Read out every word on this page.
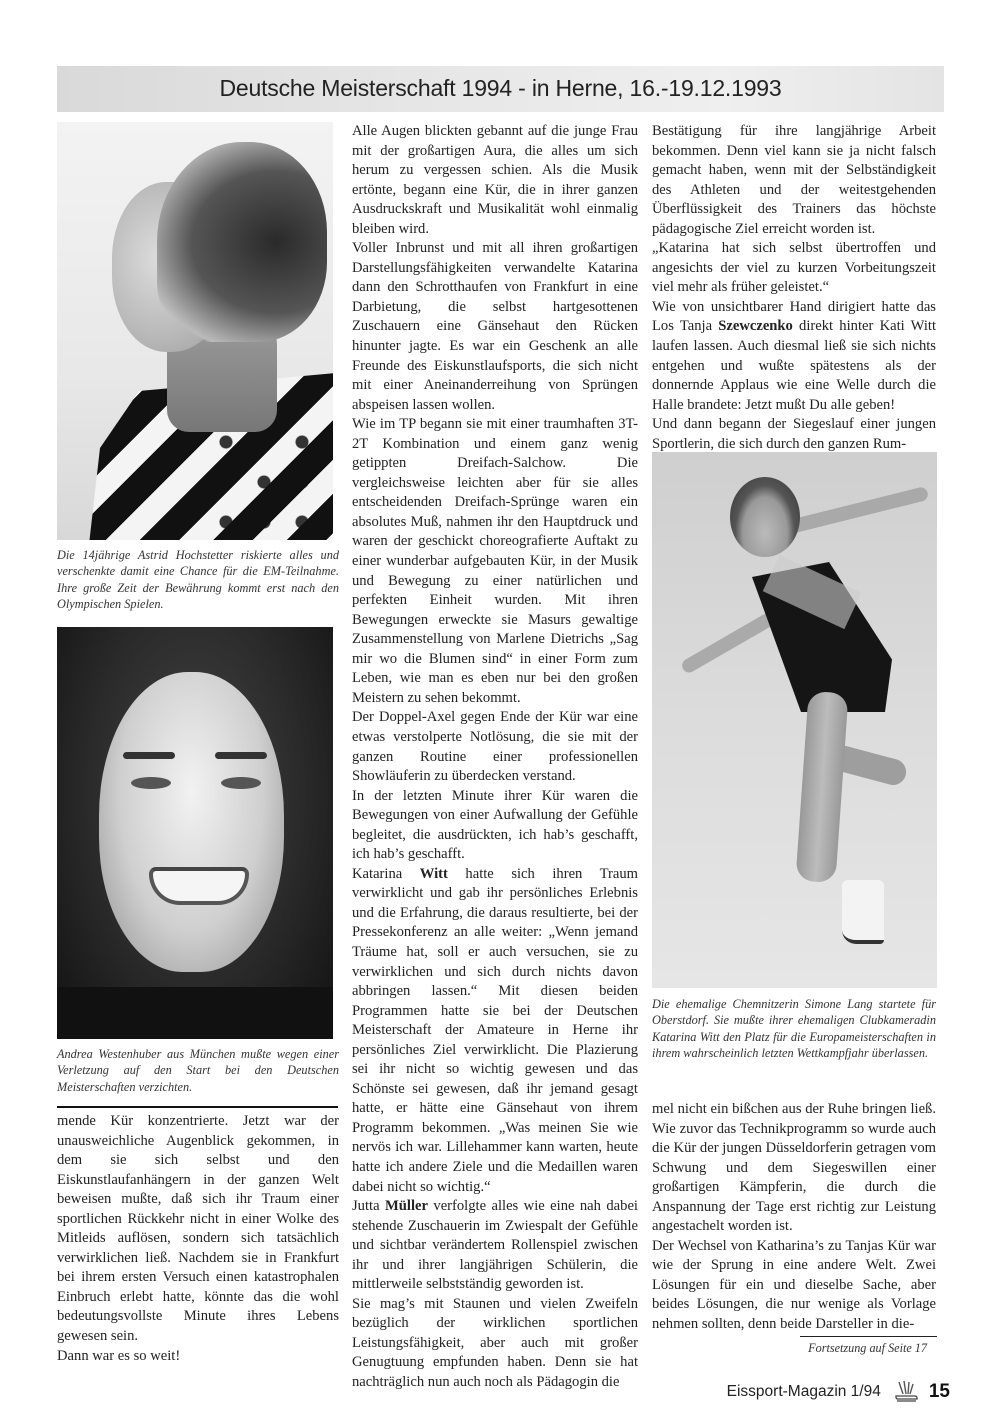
Deutsche Meisterschaft 1994 - in Herne, 16.-19.12.1993
Die 14jährige Astrid Hochstetter riskierte alles und verschenkte damit eine Chance für die EM-Teilnahme. Ihre große Zeit der Bewährung kommt erst nach den Olympischen Spielen.
Andrea Westenhuber aus München mußte wegen einer Verletzung auf den Start bei den Deutschen Meisterschaften verzichten.

mende Kür konzentrierte. Jetzt war der unausweichliche Augenblick gekommen, in dem sie sich selbst und den Eiskunstlaufanhängern in der ganzen Welt beweisen mußte, daß sich ihr Traum einer sportlichen Rückkehr nicht in einer Wolke des Mitleids auflösen, sondern sich tatsächlich verwirklichen ließ. Nachdem sie in Frankfurt bei ihrem ersten Versuch einen katastrophalen Einbruch erlebt hatte, könnte das die wohl bedeutungsvollste Minute ihres Lebens gewesen sein.

Dann war es so weit!

Alle Augen blickten gebannt auf die junge Frau mit der großartigen Aura, die alles um sich herum zu vergessen schien. Als die Musik ertönte, begann eine Kür, die in ihrer ganzen Ausdruckskraft und Musikalität wohl einmalig bleiben wird.

Voller Inbrunst und mit all ihren großartigen Darstellungsfähigkeiten verwandelte Katarina dann den Schrotthaufen von Frankfurt in eine Darbietung, die selbst hartgesottenen Zuschauern eine Gänsehaut den Rücken hinunter jagte. Es war ein Geschenk an alle Freunde des Eiskunstlaufsports, die sich nicht mit einer Aneinanderreihung von Sprüngen abspeisen lassen wollen.

Wie im TP begann sie mit einer traumhaften 3T-2T Kombination und einem ganz wenig getippten Dreifach-Salchow. Die vergleichsweise leichten aber für sie alles entscheidenden Dreifach-Sprünge waren ein absolutes Muß, nahmen ihr den Hauptdruck und waren der geschickt choreografierte Auftakt zu einer wunderbar aufgebauten Kür, in der Musik und Bewegung zu einer natürlichen und perfekten Einheit wurden. Mit ihren Bewegungen erweckte sie Masurs gewaltige Zusammenstellung von Marlene Dietrichs „Sag mir wo die Blumen sind“ in einer Form zum Leben, wie man es eben nur bei den großen Meistern zu sehen bekommt.

Der Doppel-Axel gegen Ende der Kür war eine etwas verstolperte Notlösung, die sie mit der ganzen Routine einer professionellen Showläuferin zu überdecken verstand.

In der letzten Minute ihrer Kür waren die Bewegungen von einer Aufwallung der Gefühle begleitet, die ausdrückten, ich hab’s geschafft, ich hab’s geschafft.

Katarina Witt hatte sich ihren Traum verwirklicht und gab ihr persönliches Erlebnis und die Erfahrung, die daraus resultierte, bei der Pressekonferenz an alle weiter: „Wenn jemand Träume hat, soll er auch versuchen, sie zu verwirklichen und sich durch nichts davon abbringen lassen.“ Mit diesen beiden Programmen hatte sie bei der Deutschen Meisterschaft der Amateure in Herne ihr persönliches Ziel verwirklicht. Die Plazierung sei ihr nicht so wichtig gewesen und das Schönste sei gewesen, daß ihr jemand gesagt hatte, er hätte eine Gänsehaut von ihrem Programm bekommen. „Was meinen Sie wie nervös ich war. Lillehammer kann warten, heute hatte ich andere Ziele und die Medaillen waren dabei nicht so wichtig.“

Jutta Müller verfolgte alles wie eine nah dabei stehende Zuschauerin im Zwiespalt der Gefühle und sichtbar verändertem Rollenspiel zwischen ihr und ihrer langjährigen Schülerin, die mittlerweile selbstständig geworden ist.

Sie mag’s mit Staunen und vielen Zweifeln bezüglich der wirklichen sportlichen Leistungsfähigkeit, aber auch mit großer Genugtuung empfunden haben. Denn sie hat nachträglich nun auch noch als Pädagogin die

Bestätigung für ihre langjährige Arbeit bekommen. Denn viel kann sie ja nicht falsch gemacht haben, wenn mit der Selbständigkeit des Athleten und der weitestgehenden Überflüssigkeit des Trainers das höchste pädagogische Ziel erreicht worden ist.

„Katarina hat sich selbst übertroffen und angesichts der viel zu kurzen Vorbeitungszeit viel mehr als früher geleistet.“

Wie von unsichtbarer Hand dirigiert hatte das Los Tanja Szewczenko direkt hinter Kati Witt laufen lassen. Auch diesmal ließ sie sich nichts entgehen und wußte spätestens als der donnernde Applaus wie eine Welle durch die Halle brandete: Jetzt mußt Du alle geben!

Und dann begann der Siegeslauf einer jungen Sportlerin, die sich durch den ganzen Rum-

Die ehemalige Chemnitzerin Simone Lang startete für Oberstdorf. Sie mußte ihrer ehemaligen Clubkameradin Katarina Witt den Platz für die Europameisterschaften in ihrem wahrscheinlich letzten Wettkampfjahr überlassen.

mel nicht ein bißchen aus der Ruhe bringen ließ. Wie zuvor das Technikprogramm so wurde auch die Kür der jungen Düsseldorferin getragen vom Schwung und dem Siegeswillen einer großartigen Kämpferin, die durch die Anspannung der Tage erst richtig zur Leistung angestachelt worden ist.

Der Wechsel von Katharina’s zu Tanjas Kür war wie der Sprung in eine andere Welt. Zwei Lösungen für ein und dieselbe Sache, aber beides Lösungen, die nur wenige als Vorlage nehmen sollten, denn beide Darsteller in die-

Fortsetzung auf Seite 17
Eissport-Magazin 1/94	15
